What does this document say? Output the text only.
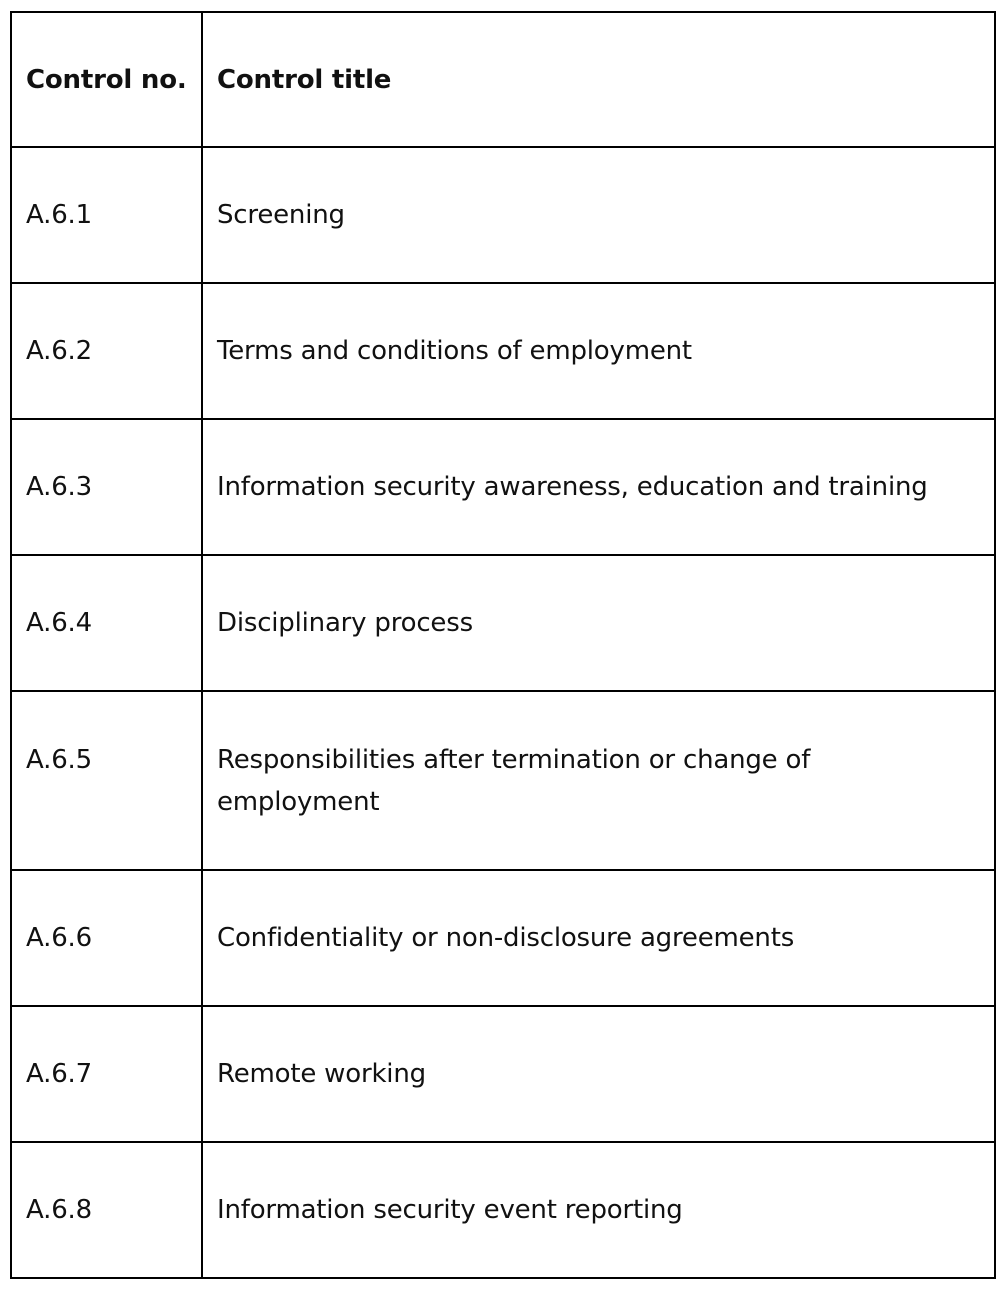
Control no.	Control title
A.6.1	Screening
A.6.2	Terms and conditions of employment
A.6.3	Information security awareness, education and training
A.6.4	Disciplinary process
A.6.5	Responsibilities after termination or change of employment
A.6.6	Confidentiality or non-disclosure agreements
A.6.7	Remote working
A.6.8	Information security event reporting
